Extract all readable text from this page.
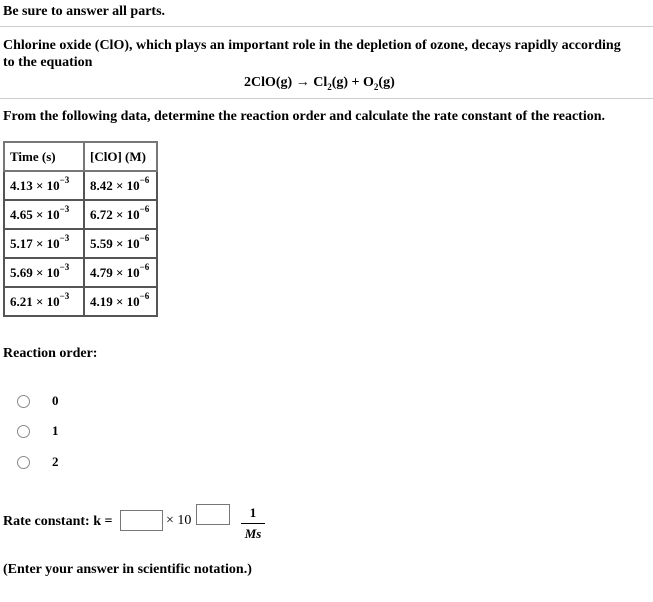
Be sure to answer all parts.
Chlorine oxide (ClO), which plays an important role in the depletion of ozone, decays rapidly according
to the equation
$2ClO(g) \to Cl_2(g) + O_2(g)$
From the following data, determine the reaction order and calculate the rate constant of the reaction.
Time (s)	[ClO] (M)
$4.13 \times 10^{-3}$	$8.42 \times 10^{-6}$
$4.65 \times 10^{-3}$	$6.72 \times 10^{-6}$
$5.17 \times 10^{-3}$	$5.59 \times 10^{-6}$
$5.69 \times 10^{-3}$	$4.79 \times 10^{-6}$
$6.21 \times 10^{-3}$	$4.19 \times 10^{-6}$
Reaction order:
0
1
2
Rate constant: k =	× 10
1
Ms
(Enter your answer in scientific notation.)
